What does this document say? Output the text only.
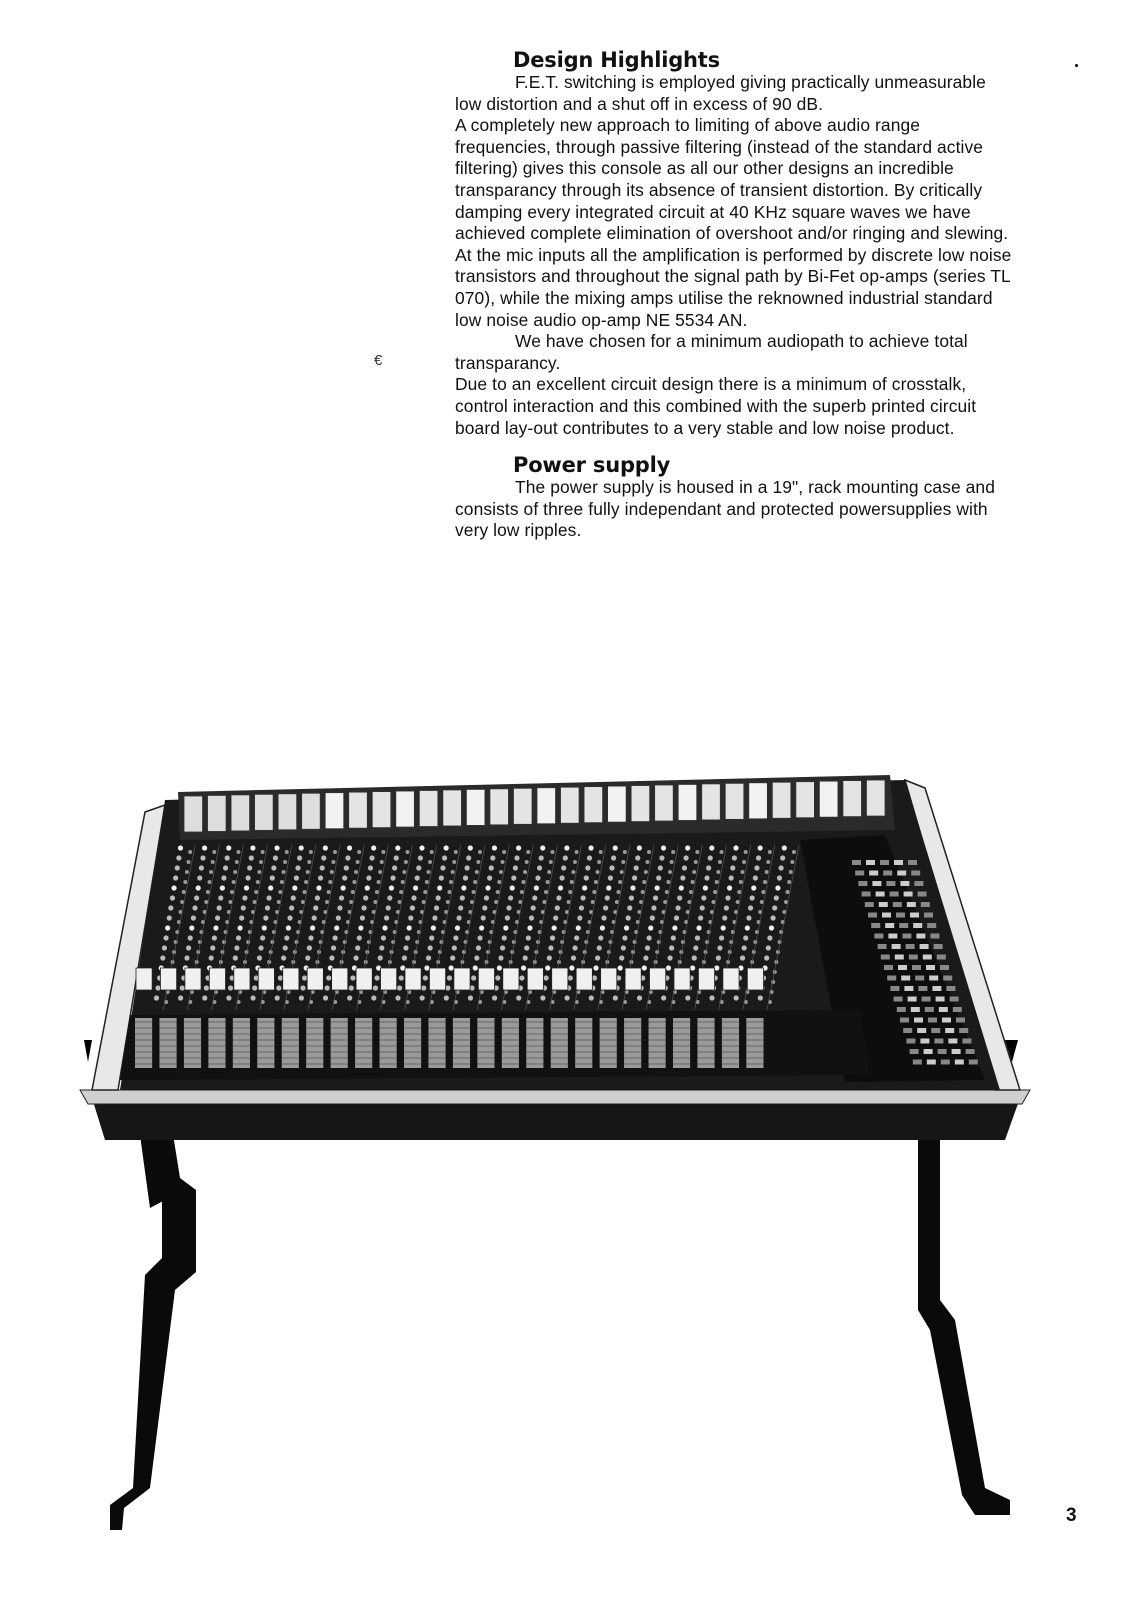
Design Highlights

F.E.T. switching is employed giving practically unmeasurable low distortion and a shut off in excess of 90 dB.

A completely new approach to limiting of above audio range frequencies, through passive filtering (instead of the standard active filtering) gives this console as all our other designs an incredible transparancy through its absence of transient distortion. By critically damping every integrated circuit at 40 KHz square waves we have achieved complete elimination of overshoot and/or ringing and slewing.

At the mic inputs all the amplification is performed by discrete low noise transistors and throughout the signal path by Bi-Fet op-amps (series TL 070), while the mixing amps utilise the reknowned industrial standard low noise audio op-amp NE 5534 AN.

We have chosen for a minimum audiopath to achieve total transparancy.

Due to an excellent circuit design there is a minimum of crosstalk, control interaction and this combined with the superb printed circuit board lay-out contributes to a very stable and low noise product.

Power supply

The power supply is housed in a 19", rack mounting case and consists of three fully independant and protected powersupplies with very low ripples.

€
3
